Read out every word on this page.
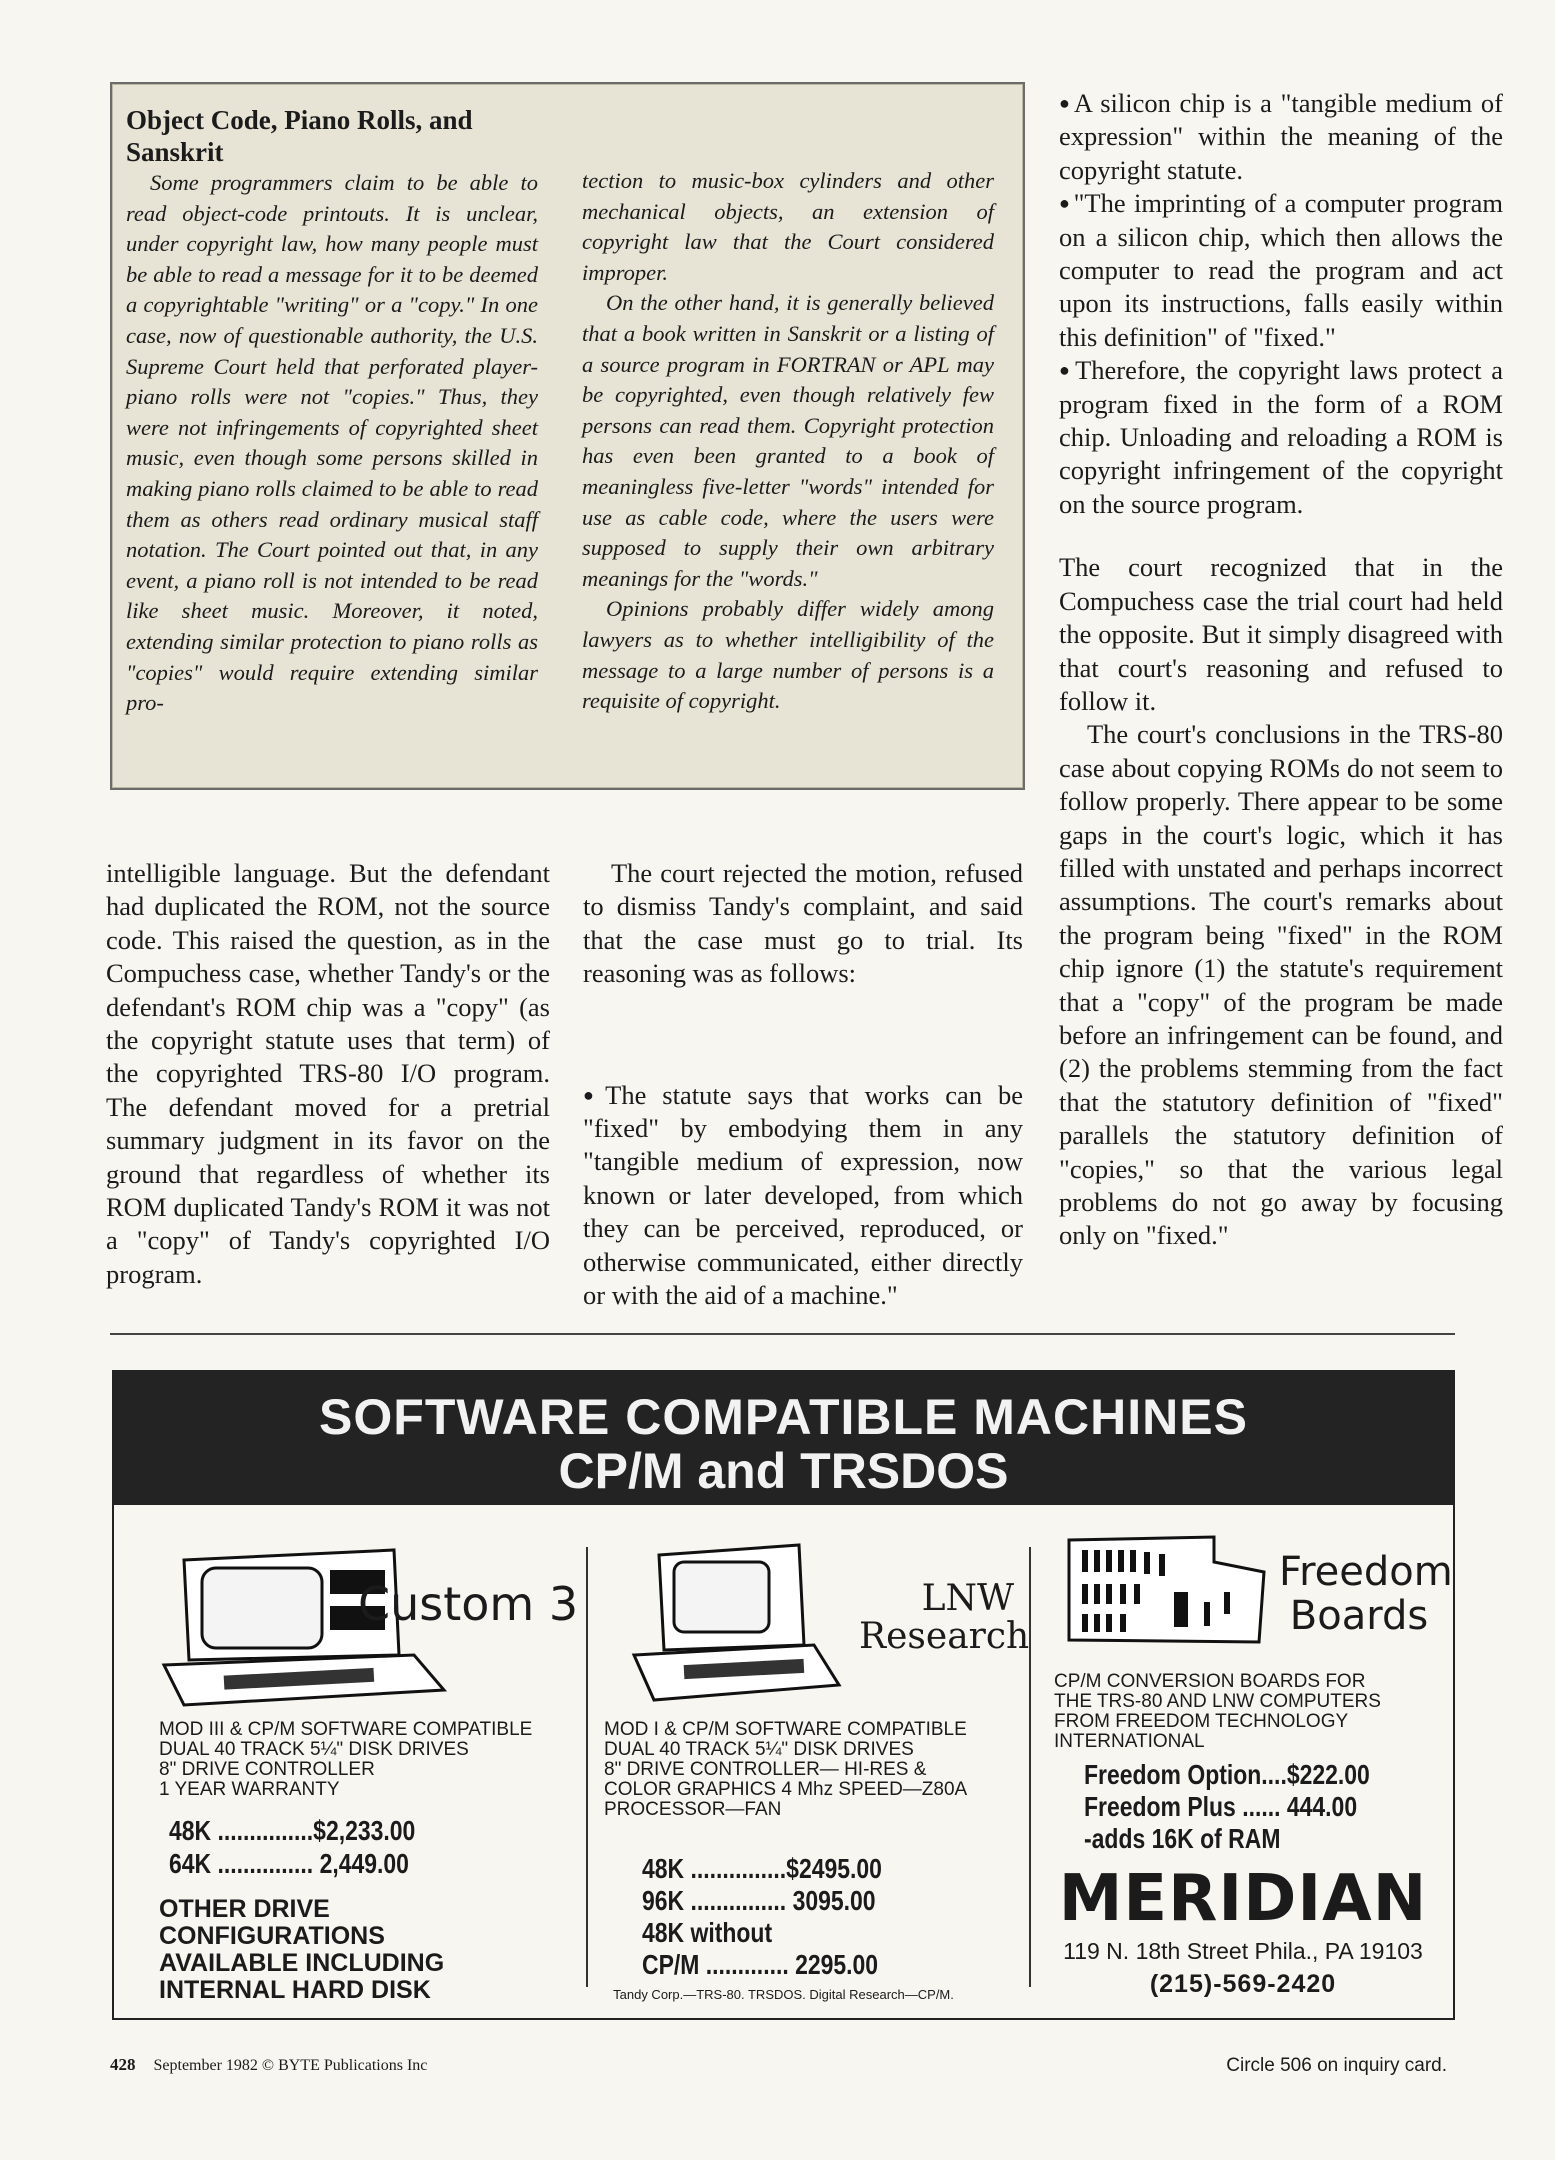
Object Code, Piano Rolls, and Sanskrit

Some programmers claim to be able to read object-code printouts. It is unclear, under copyright law, how many people must be able to read a message for it to be deemed a copyrightable "writing" or a "copy." In one case, now of questionable authority, the U.S. Supreme Court held that perforated player-piano rolls were not "copies." Thus, they were not infringements of copyrighted sheet music, even though some persons skilled in making piano rolls claimed to be able to read them as others read ordinary musical staff notation. The Court pointed out that, in any event, a piano roll is not intended to be read like sheet music. Moreover, it noted, extending similar protection to piano rolls as "copies" would require extending similar pro-

tection to music-box cylinders and other mechanical objects, an extension of copyright law that the Court considered improper.

On the other hand, it is generally believed that a book written in Sanskrit or a listing of a source program in FORTRAN or APL may be copyrighted, even though relatively few persons can read them. Copyright protection has even been granted to a book of meaningless five-letter "words" intended for use as cable code, where the users were supposed to supply their own arbitrary meanings for the "words."

Opinions probably differ widely among lawyers as to whether intelligibility of the message to a large number of persons is a requisite of copyright.

intelligible language. But the defendant had duplicated the ROM, not the source code. This raised the question, as in the Compuchess case, whether Tandy's or the defendant's ROM chip was a "copy" (as the copyright statute uses that term) of the copyrighted TRS-80 I/O program. The defendant moved for a pretrial summary judgment in its favor on the ground that regardless of whether its ROM duplicated Tandy's ROM it was not a "copy" of Tandy's copyrighted I/O program.

The court rejected the motion, refused to dismiss Tandy's complaint, and said that the case must go to trial. Its reasoning was as follows:

● The statute says that works can be "fixed" by embodying them in any "tangible medium of expression, now known or later developed, from which they can be perceived, reproduced, or otherwise communicated, either directly or with the aid of a machine."

● A silicon chip is a "tangible medium of expression" within the meaning of the copyright statute.

● "The imprinting of a computer program on a silicon chip, which then allows the computer to read the program and act upon its instructions, falls easily within this definition" of "fixed."

● Therefore, the copyright laws protect a program fixed in the form of a ROM chip. Unloading and reloading a ROM is copyright infringement of the copyright on the source program.

The court recognized that in the Compuchess case the trial court had held the opposite. But it simply disagreed with that court's reasoning and refused to follow it.

The court's conclusions in the TRS-80 case about copying ROMs do not seem to follow properly. There appear to be some gaps in the court's logic, which it has filled with unstated and perhaps incorrect assumptions. The court's remarks about the program being "fixed" in the ROM chip ignore (1) the statute's requirement that a "copy" of the program be made before an infringement can be found, and (2) the problems stemming from the fact that the statutory definition of "fixed" parallels the statutory definition of "copies," so that the various legal problems do not go away by focusing only on "fixed."

SOFTWARE COMPATIBLE MACHINES
CP/M and TRSDOS
Custom 3
MOD III & CP/M SOFTWARE COMPATIBLE
DUAL 40 TRACK 5¼" DISK DRIVES
8" DRIVE CONTROLLER
1 YEAR WARRANTY
48K ...............$2,233.00
64K ............... 2,449.00
OTHER DRIVE CONFIGURATIONS AVAILABLE INCLUDING INTERNAL HARD DISK
LNW
Research
MOD I & CP/M SOFTWARE COMPATIBLE
DUAL 40 TRACK 5¼" DISK DRIVES
8" DRIVE CONTROLLER— HI-RES &
COLOR GRAPHICS 4 Mhz SPEED—Z80A
PROCESSOR—FAN
48K ...............$2495.00
96K ............... 3095.00
48K without
CP/M ............. 2295.00
Freedom
Boards
CP/M CONVERSION BOARDS FOR
THE TRS-80 AND LNW COMPUTERS
FROM FREEDOM TECHNOLOGY
INTERNATIONAL
Freedom Option....$222.00
Freedom Plus ...... 444.00
-adds 16K of RAM
MERIDIAN
119 N. 18th Street Phila., PA 19103
(215)-569-2420
Tandy Corp.—TRS-80. TRSDOS. Digital Research—CP/M.
428 September 1982 © BYTE Publications Inc	Circle 506 on inquiry card.
